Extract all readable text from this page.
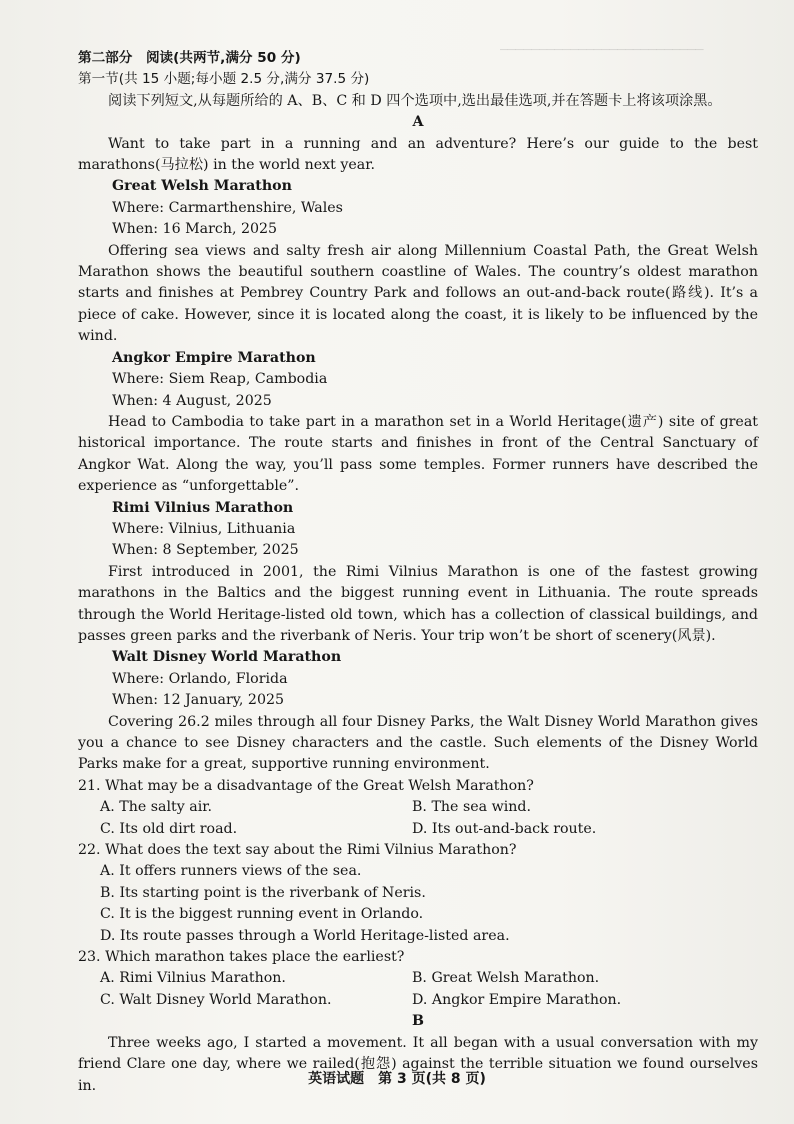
──────────────────────────

第二部分　阅读(共两节,满分 50 分)

第一节(共 15 小题;每小题 2.5 分,满分 37.5 分)

阅读下列短文,从每题所给的 A、B、C 和 D 四个选项中,选出最佳选项,并在答题卡上将该项涂黑。

A

Want to take part in a running and an adventure? Here’s our guide to the best marathons(马拉松) in the world next year.

Great Welsh Marathon

Where: Carmarthenshire, Wales

When: 16 March, 2025

Offering sea views and salty fresh air along Millennium Coastal Path, the Great Welsh Marathon shows the beautiful southern coastline of Wales. The country’s oldest marathon starts and finishes at Pembrey Country Park and follows an out-and-back route(路线). It’s a piece of cake. However, since it is located along the coast, it is likely to be influenced by the wind.

Angkor Empire Marathon

Where: Siem Reap, Cambodia

When: 4 August, 2025

Head to Cambodia to take part in a marathon set in a World Heritage(遗产) site of great historical importance. The route starts and finishes in front of the Central Sanctuary of Angkor Wat. Along the way, you’ll pass some temples. Former runners have described the experience as “unforgettable”.

Rimi Vilnius Marathon

Where: Vilnius, Lithuania

When: 8 September, 2025

First introduced in 2001, the Rimi Vilnius Marathon is one of the fastest growing marathons in the Baltics and the biggest running event in Lithuania. The route spreads through the World Heritage-listed old town, which has a collection of classical buildings, and passes green parks and the riverbank of Neris. Your trip won’t be short of scenery(风景).

Walt Disney World Marathon

Where: Orlando, Florida

When: 12 January, 2025

Covering 26.2 miles through all four Disney Parks, the Walt Disney World Marathon gives you a chance to see Disney characters and the castle. Such elements of the Disney World Parks make for a great, supportive running environment.

21. What may be a disadvantage of the Great Welsh Marathon?

A. The salty air.	B. The sea wind.
C. Its old dirt road.	D. Its out-and-back route.

22. What does the text say about the Rimi Vilnius Marathon?

A. It offers runners views of the sea.

B. Its starting point is the riverbank of Neris.

C. It is the biggest running event in Orlando.

D. Its route passes through a World Heritage-listed area.

23. Which marathon takes place the earliest?

A. Rimi Vilnius Marathon.	B. Great Welsh Marathon.
C. Walt Disney World Marathon.	D. Angkor Empire Marathon.

B

Three weeks ago, I started a movement. It all began with a usual conversation with my friend Clare one day, where we railed(抱怨) against the terrible situation we found ourselves in.	英语试题　第 3 页(共 8 页)
